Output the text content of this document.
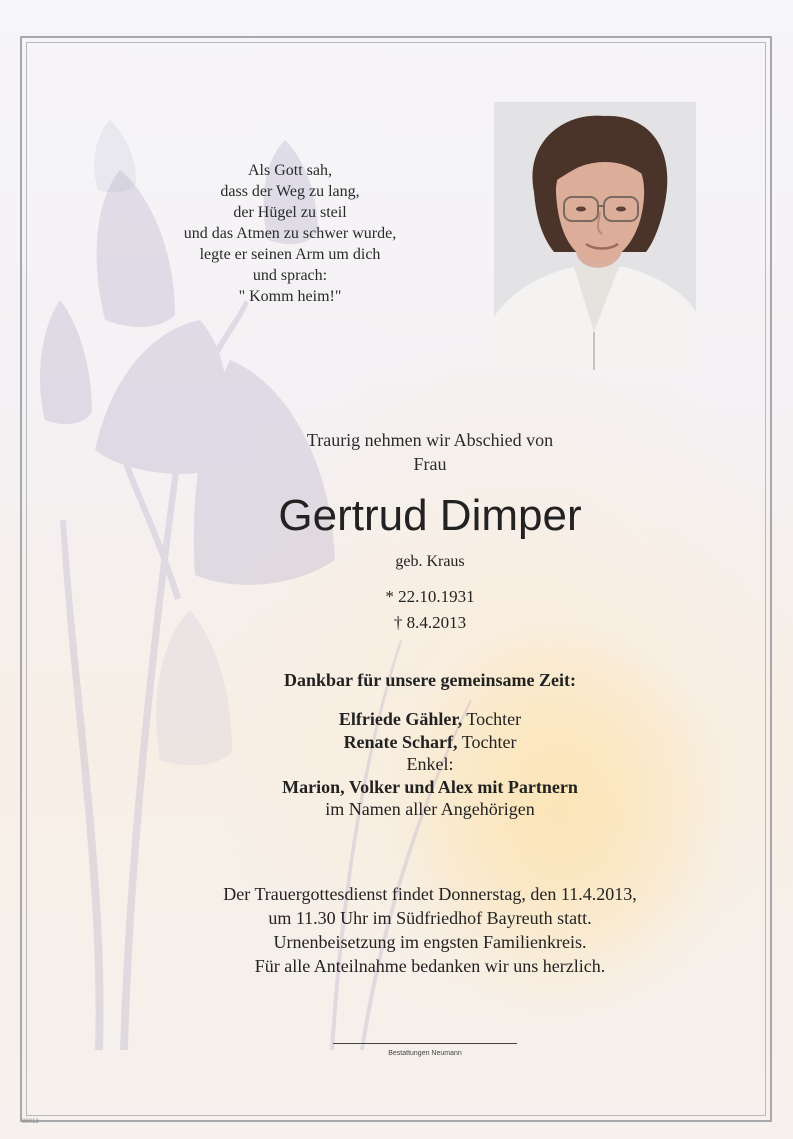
Als Gott sah,
dass der Weg zu lang,
der Hügel zu steil
und das Atmen zu schwer wurde,
legte er seinen Arm um dich
und sprach:
" Komm heim!"
Traurig nehmen wir Abschied von
Frau
Gertrud Dimper
geb. Kraus
* 22.10.1931
† 8.4.2013
Dankbar für unsere gemeinsame Zeit:
Elfriede Gähler, Tochter
Renate Scharf, Tochter
Enkel:
Marion, Volker und Alex mit Partnern
im Namen aller Angehörigen
Der Trauergottesdienst findet Donnerstag, den 11.4.2013,
um 11.30 Uhr im Südfriedhof Bayreuth statt.
Urnenbeisetzung im engsten Familienkreis.
Für alle Anteilnahme bedanken wir uns herzlich.
Bestattungen Neumann
89013
